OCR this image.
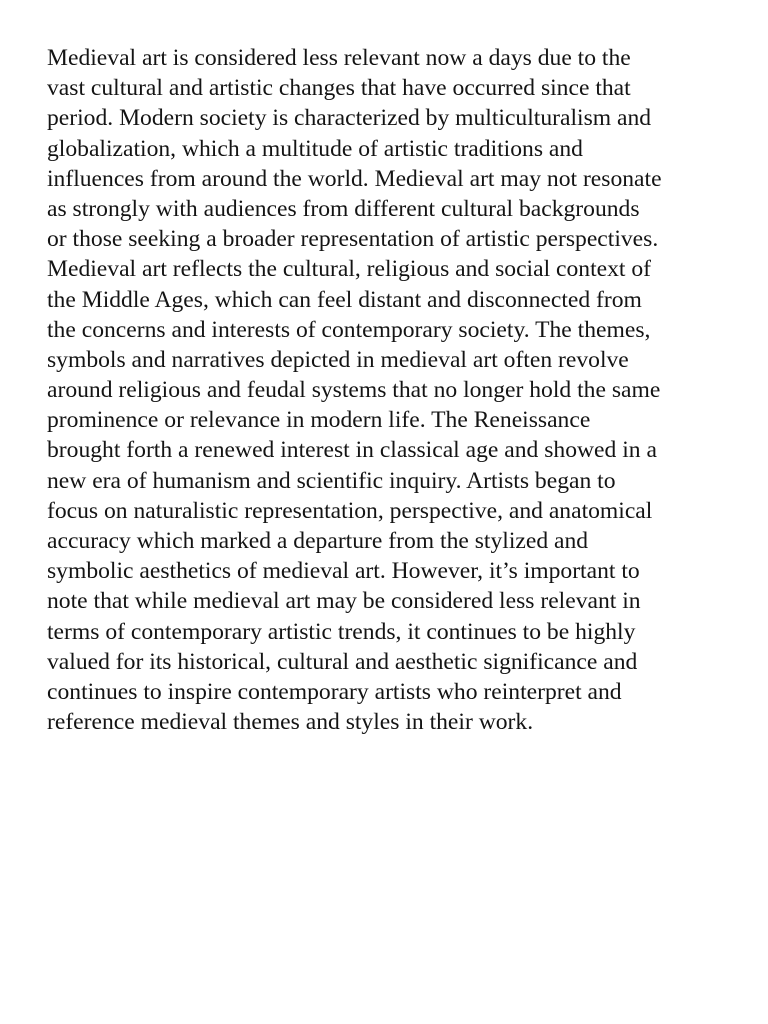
Medieval art is considered less relevant now a days due to the
vast cultural and artistic changes that have occurred since that
period. Modern society is characterized by multiculturalism and
globalization, which a multitude of artistic traditions and
influences from around the world. Medieval art may not resonate
as strongly with audiences from different cultural backgrounds
or those seeking a broader representation of artistic perspectives.
Medieval art reflects the cultural, religious and social context of
the Middle Ages, which can feel distant and disconnected from
the concerns and interests of contemporary society. The themes,
symbols and narratives depicted in medieval art often revolve
around religious and feudal systems that no longer hold the same
prominence or relevance in modern life. The Reneissance
brought forth a renewed interest in classical age and showed in a
new era of humanism and scientific inquiry. Artists began to
focus on naturalistic representation, perspective, and anatomical
accuracy which marked a departure from the stylized and
symbolic aesthetics of medieval art. However, it’s important to
note that while medieval art may be considered less relevant in
terms of contemporary artistic trends, it continues to be highly
valued for its historical, cultural and aesthetic significance and
continues to inspire contemporary artists who reinterpret and
reference medieval themes and styles in their work.
